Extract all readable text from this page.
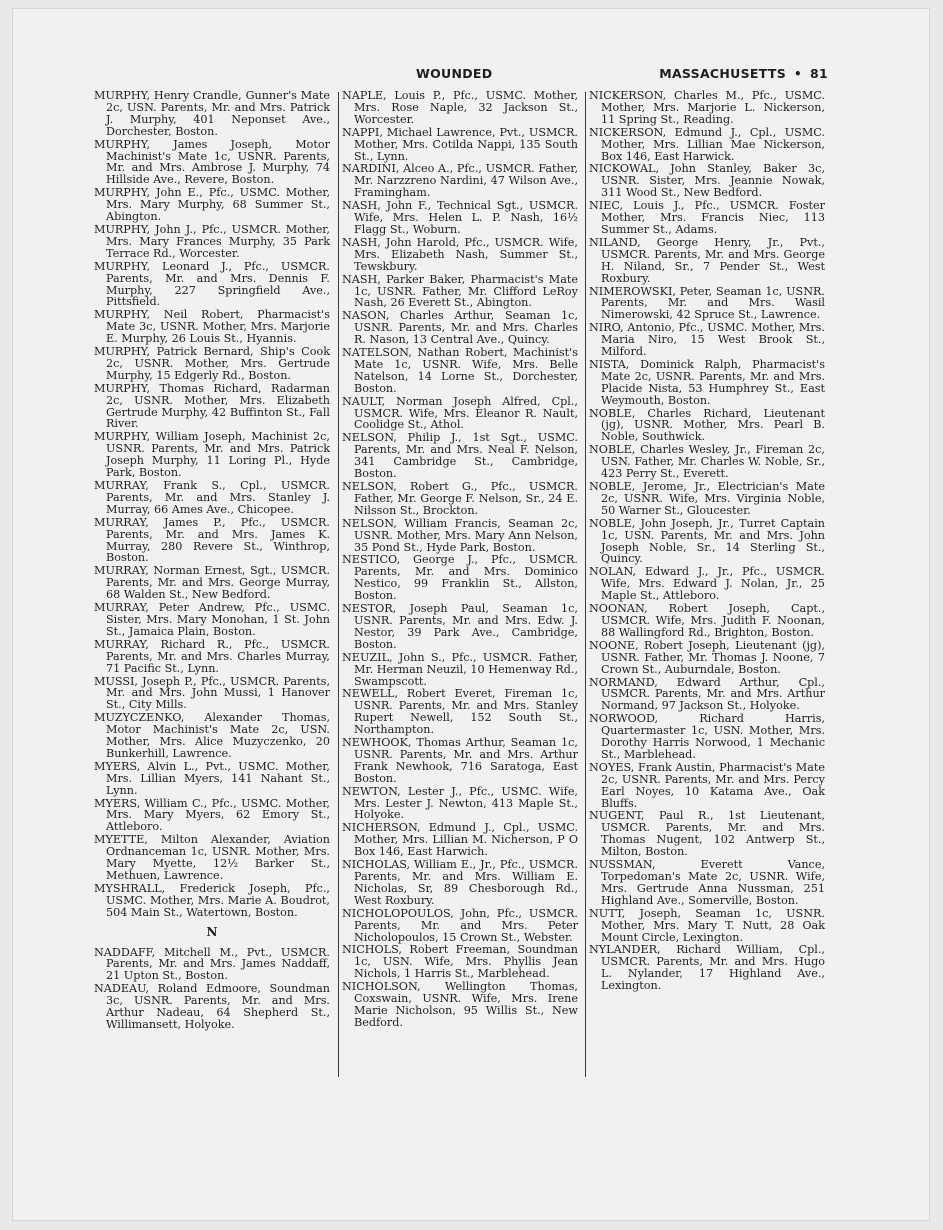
WOUNDED	MASSACHUSETTS • 81

MURPHY, Henry Crandle, Gunner's Mate 2c, USN. Parents, Mr. and Mrs. Patrick J. Murphy, 401 Neponset Ave., Dorchester, Boston.

MURPHY, James Joseph, Motor Machinist's Mate 1c, USNR. Parents, Mr. and Mrs. Ambrose J. Murphy, 74 Hillside Ave., Revere, Boston.

MURPHY, John E., Pfc., USMC. Mother, Mrs. Mary Murphy, 68 Summer St., Abington.

MURPHY, John J., Pfc., USMCR. Mother, Mrs. Mary Frances Murphy, 35 Park Terrace Rd., Worcester.

MURPHY, Leonard J., Pfc., USMCR. Parents, Mr. and Mrs. Dennis F. Murphy, 227 Springfield Ave., Pittsfield.

MURPHY, Neil Robert, Pharmacist's Mate 3c, USNR. Mother, Mrs. Marjorie E. Murphy, 26 Louis St., Hyannis.

MURPHY, Patrick Bernard, Ship's Cook 2c, USNR. Mother, Mrs. Gertrude Murphy, 15 Edgerly Rd., Boston.

MURPHY, Thomas Richard, Radarman 2c, USNR. Mother, Mrs. Elizabeth Gertrude Murphy, 42 Buffinton St., Fall River.

MURPHY, William Joseph, Machinist 2c, USNR. Parents, Mr. and Mrs. Patrick Joseph Murphy, 11 Loring Pl., Hyde Park, Boston.

MURRAY, Frank S., Cpl., USMCR. Parents, Mr. and Mrs. Stanley J. Murray, 66 Ames Ave., Chicopee.

MURRAY, James P., Pfc., USMCR. Parents, Mr. and Mrs. James K. Murray, 280 Revere St., Winthrop, Boston.

MURRAY, Norman Ernest, Sgt., USMCR. Parents, Mr. and Mrs. George Murray, 68 Walden St., New Bedford.

MURRAY, Peter Andrew, Pfc., USMC. Sister, Mrs. Mary Monohan, 1 St. John St., Jamaica Plain, Boston.

MURRAY, Richard R., Pfc., USMCR. Parents, Mr. and Mrs. Charles Murray, 71 Pacific St., Lynn.

MUSSI, Joseph P., Pfc., USMCR. Parents, Mr. and Mrs. John Mussi, 1 Hanover St., City Mills.

MUZYCZENKO, Alexander Thomas, Motor Machinist's Mate 2c, USN. Mother, Mrs. Alice Muzyczenko, 20 Bunkerhill, Lawrence.

MYERS, Alvin L., Pvt., USMC. Mother, Mrs. Lillian Myers, 141 Nahant St., Lynn.

MYERS, William C., Pfc., USMC. Mother, Mrs. Mary Myers, 62 Emory St., Attleboro.

MYETTE, Milton Alexander, Aviation Ordnanceman 1c, USNR. Mother, Mrs. Mary Myette, 12½ Barker St., Methuen, Lawrence.

MYSHRALL, Frederick Joseph, Pfc., USMC. Mother, Mrs. Marie A. Boudrot, 504 Main St., Watertown, Boston.

N

NADDAFF, Mitchell M., Pvt., USMCR. Parents, Mr. and Mrs. James Naddaff, 21 Upton St., Boston.

NADEAU, Roland Edmoore, Soundman 3c, USNR. Parents, Mr. and Mrs. Arthur Nadeau, 64 Shepherd St., Willimansett, Holyoke.

NAPLE, Louis P., Pfc., USMC. Mother, Mrs. Rose Naple, 32 Jackson St., Worcester.

NAPPI, Michael Lawrence, Pvt., USMCR. Mother, Mrs. Cotilda Nappi, 135 South St., Lynn.

NARDINI, Alceo A., Pfc., USMCR. Father, Mr. Narzzreno Nardini, 47 Wilson Ave., Framingham.

NASH, John F., Technical Sgt., USMCR. Wife, Mrs. Helen L. P. Nash, 16½ Flagg St., Woburn.

NASH, John Harold, Pfc., USMCR. Wife, Mrs. Elizabeth Nash, Summer St., Tewskbury.

NASH, Parker Baker, Pharmacist's Mate 1c, USNR. Father, Mr. Clifford LeRoy Nash, 26 Everett St., Abington.

NASON, Charles Arthur, Seaman 1c, USNR. Parents, Mr. and Mrs. Charles R. Nason, 13 Central Ave., Quincy.

NATELSON, Nathan Robert, Machinist's Mate 1c, USNR. Wife, Mrs. Belle Natelson, 14 Lorne St., Dorchester, Boston.

NAULT, Norman Joseph Alfred, Cpl., USMCR. Wife, Mrs. Eleanor R. Nault, Coolidge St., Athol.

NELSON, Philip J., 1st Sgt., USMC. Parents, Mr. and Mrs. Neal F. Nelson, 341 Cambridge St., Cambridge, Boston.

NELSON, Robert G., Pfc., USMCR. Father, Mr. George F. Nelson, Sr., 24 E. Nilsson St., Brockton.

NELSON, William Francis, Seaman 2c, USNR. Mother, Mrs. Mary Ann Nelson, 35 Pond St., Hyde Park, Boston.

NESTICO, George J., Pfc., USMCR. Parents, Mr. and Mrs. Dominico Nestico, 99 Franklin St., Allston, Boston.

NESTOR, Joseph Paul, Seaman 1c, USNR. Parents, Mr. and Mrs. Edw. J. Nestor, 39 Park Ave., Cambridge, Boston.

NEUZIL, John S., Pfc., USMCR. Father, Mr. Herman Neuzil, 10 Hemenway Rd., Swampscott.

NEWELL, Robert Everet, Fireman 1c, USNR. Parents, Mr. and Mrs. Stanley Rupert Newell, 152 South St., Northampton.

NEWHOOK, Thomas Arthur, Seaman 1c, USNR. Parents, Mr. and Mrs. Arthur Frank Newhook, 716 Saratoga, East Boston.

NEWTON, Lester J., Pfc., USMC. Wife, Mrs. Lester J. Newton, 413 Maple St., Holyoke.

NICHERSON, Edmund J., Cpl., USMC. Mother, Mrs. Lillian M. Nicherson, P O Box 146, East Harwich.

NICHOLAS, William E., Jr., Pfc., USMCR. Parents, Mr. and Mrs. William E. Nicholas, Sr, 89 Chesborough Rd., West Roxbury.

NICHOLOPOULOS, John, Pfc., USMCR. Parents, Mr. and Mrs. Peter Nicholopoulos, 15 Crown St., Webster.

NICHOLS, Robert Freeman, Soundman 1c, USN. Wife, Mrs. Phyllis Jean Nichols, 1 Harris St., Marblehead.

NICHOLSON, Wellington Thomas, Coxswain, USNR. Wife, Mrs. Irene Marie Nicholson, 95 Willis St., New Bedford.

NICKERSON, Charles M., Pfc., USMC. Mother, Mrs. Marjorie L. Nickerson, 11 Spring St., Reading.

NICKERSON, Edmund J., Cpl., USMC. Mother, Mrs. Lillian Mae Nickerson, Box 146, East Harwick.

NICKOWAL, John Stanley, Baker 3c, USNR. Sister, Mrs. Jeannie Nowak, 311 Wood St., New Bedford.

NIEC, Louis J., Pfc., USMCR. Foster Mother, Mrs. Francis Niec, 113 Summer St., Adams.

NILAND, George Henry, Jr., Pvt., USMCR. Parents, Mr. and Mrs. George H. Niland, Sr., 7 Pender St., West Roxbury.

NIMEROWSKI, Peter, Seaman 1c, USNR. Parents, Mr. and Mrs. Wasil Nimerowski, 42 Spruce St., Lawrence.

NIRO, Antonio, Pfc., USMC. Mother, Mrs. Maria Niro, 15 West Brook St., Milford.

NISTA, Dominick Ralph, Pharmacist's Mate 2c, USNR. Parents, Mr. and Mrs. Placide Nista, 53 Humphrey St., East Weymouth, Boston.

NOBLE, Charles Richard, Lieutenant (jg), USNR. Mother, Mrs. Pearl B. Noble, Southwick.

NOBLE, Charles Wesley, Jr., Fireman 2c, USN. Father, Mr. Charles W. Noble, Sr., 423 Perry St., Everett.

NOBLE, Jerome, Jr., Electrician's Mate 2c, USNR. Wife, Mrs. Virginia Noble, 50 Warner St., Gloucester.

NOBLE, John Joseph, Jr., Turret Captain 1c, USN. Parents, Mr. and Mrs. John Joseph Noble, Sr., 14 Sterling St., Quincy.

NOLAN, Edward J., Jr., Pfc., USMCR. Wife, Mrs. Edward J. Nolan, Jr., 25 Maple St., Attleboro.

NOONAN, Robert Joseph, Capt., USMCR. Wife, Mrs. Judith F. Noonan, 88 Wallingford Rd., Brighton, Boston.

NOONE, Robert Joseph, Lieutenant (jg), USNR. Father, Mr. Thomas J. Noone, 7 Crown St., Auburndale, Boston.

NORMAND, Edward Arthur, Cpl., USMCR. Parents, Mr. and Mrs. Arthur Normand, 97 Jackson St., Holyoke.

NORWOOD, Richard Harris, Quartermaster 1c, USN. Mother, Mrs. Dorothy Harris Norwood, 1 Mechanic St., Marblehead.

NOYES, Frank Austin, Pharmacist's Mate 2c, USNR. Parents, Mr. and Mrs. Percy Earl Noyes, 10 Katama Ave., Oak Bluffs.

NUGENT, Paul R., 1st Lieutenant, USMCR. Parents, Mr. and Mrs. Thomas Nugent, 102 Antwerp St., Milton, Boston.

NUSSMAN, Everett Vance, Torpedoman's Mate 2c, USNR. Wife, Mrs. Gertrude Anna Nussman, 251 Highland Ave., Somerville, Boston.

NUTT, Joseph, Seaman 1c, USNR. Mother, Mrs. Mary T. Nutt, 28 Oak Mount Circle, Lexington.

NYLANDER, Richard William, Cpl., USMCR. Parents, Mr. and Mrs. Hugo L. Nylander, 17 Highland Ave., Lexington.
